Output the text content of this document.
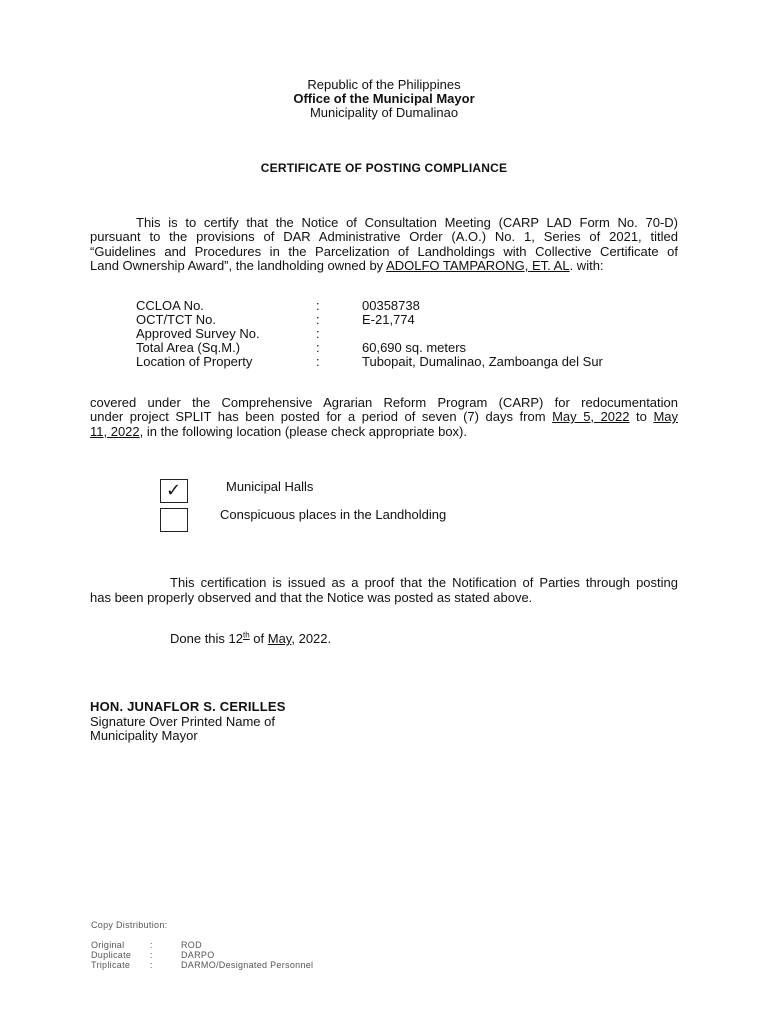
Republic of the Philippines
Office of the Municipal Mayor
Municipality of Dumalinao
CERTIFICATE OF POSTING COMPLIANCE
This is to certify that the Notice of Consultation Meeting (CARP LAD Form No. 70-D)
pursuant to the provisions of DAR Administrative Order (A.O.) No. 1, Series of 2021, titled
“Guidelines and Procedures in the Parcelization of Landholdings with Collective Certificate of
Land Ownership Award”, the landholding owned by ADOLFO TAMPARONG, ET. AL. with:
CCLOA No.	:	00358738
OCT/TCT No.	:	E-21,774
Approved Survey No.	:
Total Area (Sq.M.)	:	60,690 sq. meters
Location of Property	:	Tubopait, Dumalinao, Zamboanga del Sur
covered under the Comprehensive Agrarian Reform Program (CARP) for redocumentation
under project SPLIT has been posted for a period of seven (7) days from May 5, 2022 to May
11, 2022, in the following location (please check appropriate box).
✓	Municipal Halls
Conspicuous places in the Landholding
This certification is issued as a proof that the Notification of Parties through posting
has been properly observed and that the Notice was posted as stated above.
Done this 12th of May, 2022.
HON. JUNAFLOR S. CERILLES
Signature Over Printed Name of
Municipality Mayor
Copy Distribution:
Original	:	ROD
Duplicate :	DARPO
Triplicate :	DARMO/Designated Personnel
